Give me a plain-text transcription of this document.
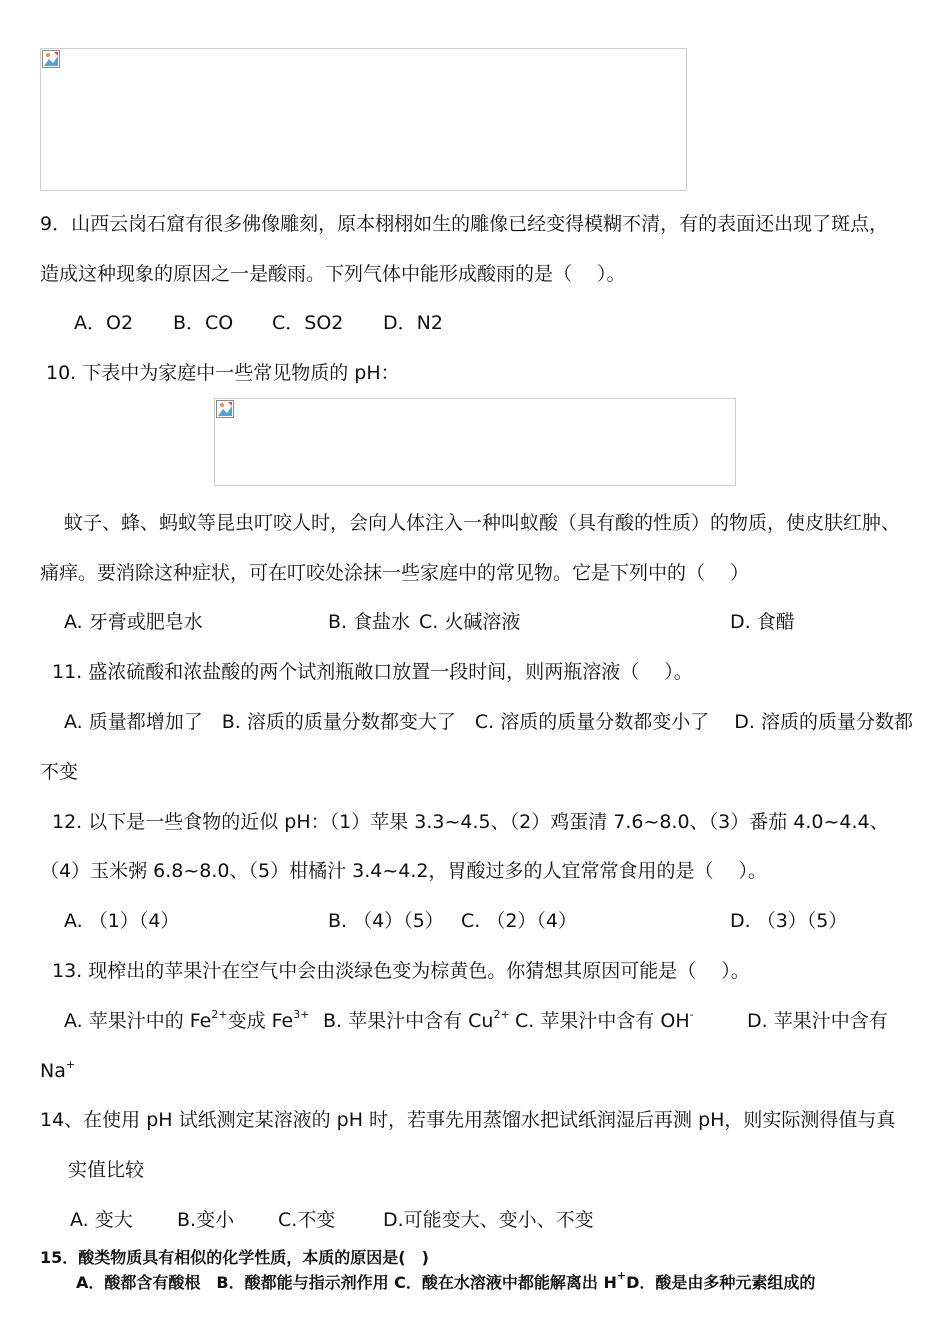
9．山西云岗石窟有很多佛像雕刻，原本栩栩如生的雕像已经变得模糊不清，有的表面还出现了斑点，
造成这种现象的原因之一是酸雨。下列气体中能形成酸雨的是（　 ）。
A．O2 B．CO C．SO2 D．N2
10. 下表中为家庭中一些常见物质的 pH：
蚊子、蜂、蚂蚁等昆虫叮咬人时，会向人体注入一种叫蚁酸（具有酸的性质）的物质，使皮肤红肿、
痛痒。要消除这种症状，可在叮咬处涂抹一些家庭中的常见物。它是下列中的（　 ）
A. 牙膏或肥皂水	B. 食盐水 C. 火碱溶液	D. 食醋
11. 盛浓硫酸和浓盐酸的两个试剂瓶敞口放置一段时间，则两瓶溶液（　 ）。
A. 质量都增加了　B. 溶质的质量分数都变大了　C. 溶质的质量分数都变小了　 D. 溶质的质量分数都
不变
12. 以下是一些食物的近似 pH：（1）苹果 3.3~4.5、（2）鸡蛋清 7.6~8.0、（3）番茄 4.0~4.4、
（4）玉米粥 6.8~8.0、（5）柑橘汁 3.4~4.2，胃酸过多的人宜常常食用的是（　 ）。
A. （1）（4）	B. （4）（5） C. （2）（4）	D. （3）（5）
13. 现榨出的苹果汁在空气中会由淡绿色变为棕黄色。你猜想其原因可能是（　 ）。
A. 苹果汁中的 $Fe^{2+}$变成 $Fe^{3+}$ B. 苹果汁中含有 $Cu^{2+}$ C. 苹果汁中含有 OH-	D. 苹果汁中含有
Na+
14、在使用 pH 试纸测定某溶液的 pH 时，若事先用蒸馏水把试纸润湿后再测 pH，则实际测得值与真
实值比较
A. 变大 B.变小 C.不变	D.可能变大、变小、不变
15．酸类物质具有相似的化学性质，本质的原因是(　)
A．酸都含有酸根　B．酸都能与指示剂作用 C．酸在水溶液中都能解离出 H+D．酸是由多种元素组成的
